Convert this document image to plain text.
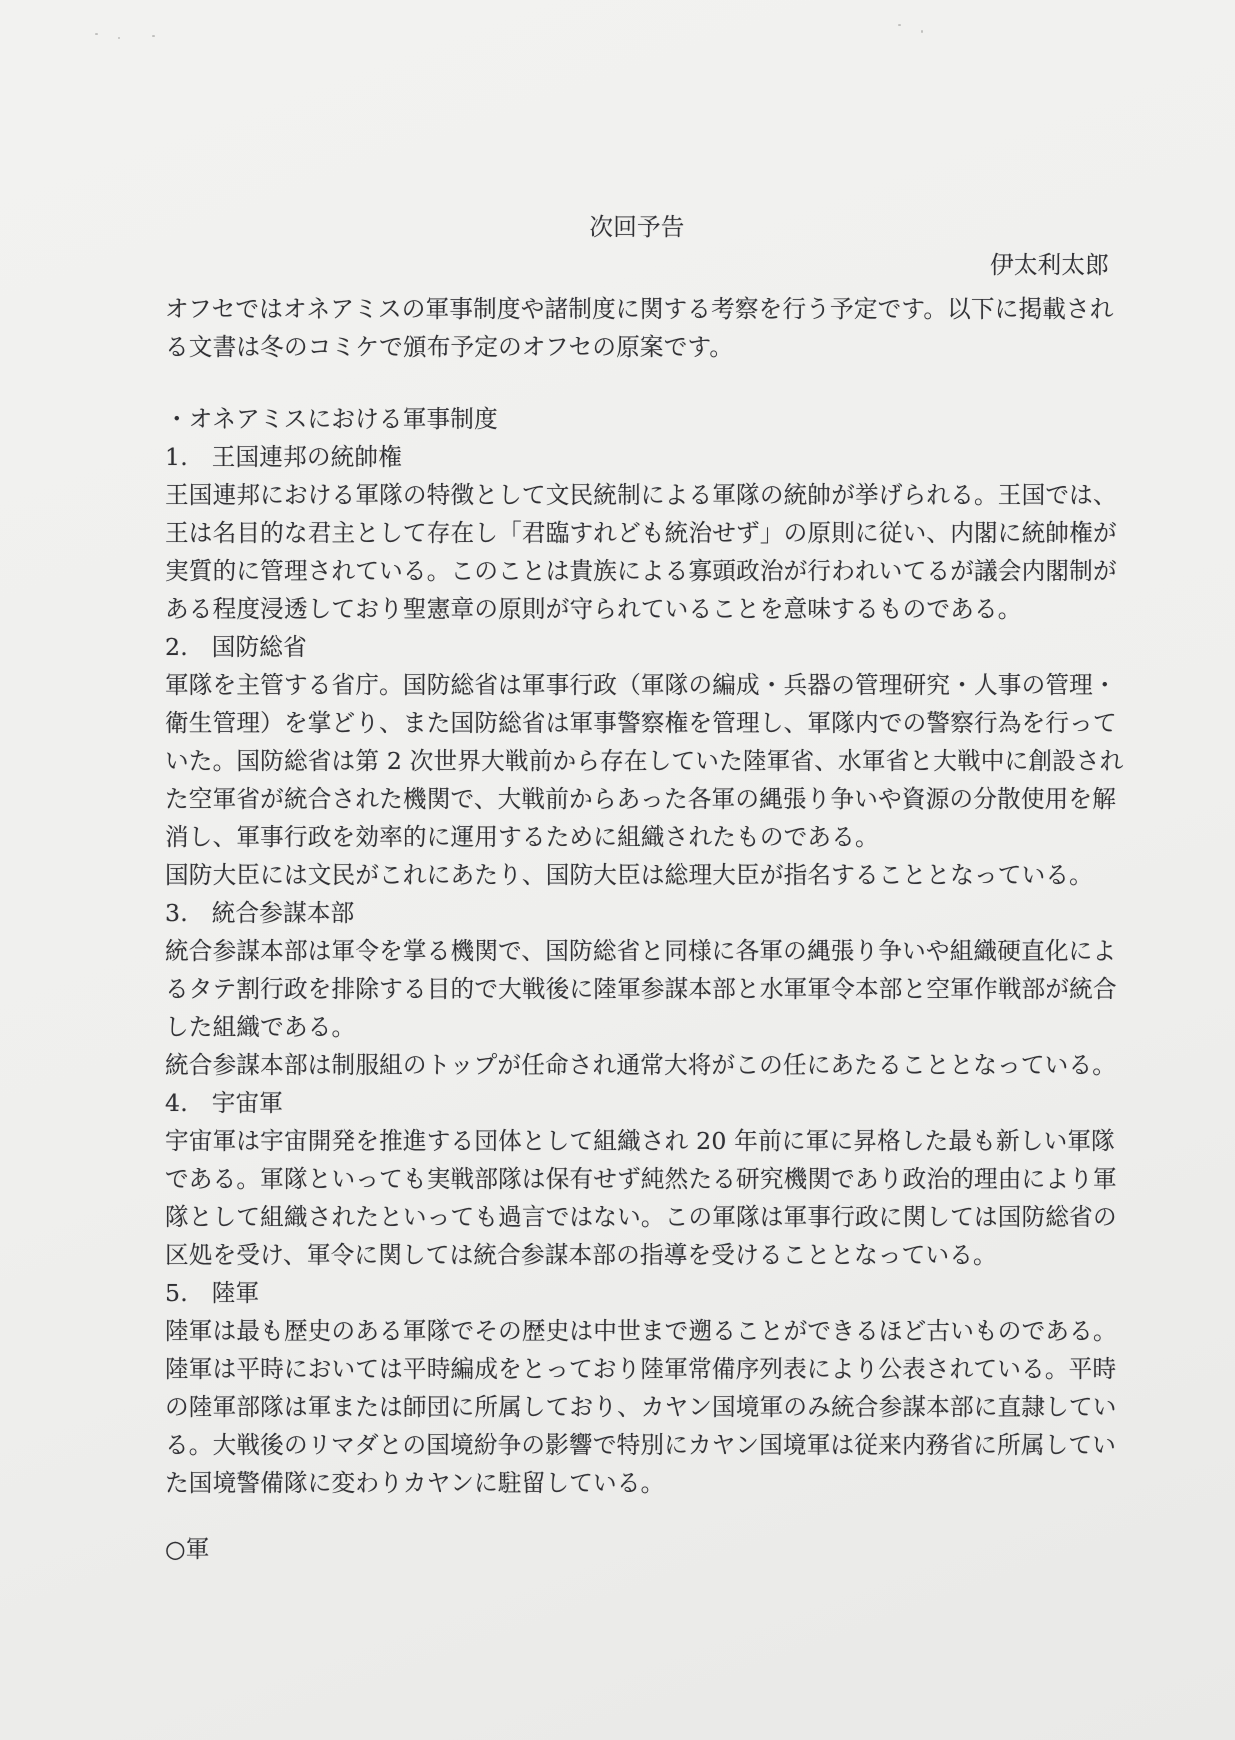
次回予告
伊太利太郎
オフセではオネアミスの軍事制度や諸制度に関する考察を行う予定です。以下に掲載され
る文書は冬のコミケで頒布予定のオフセの原案です。
・オネアミスにおける軍事制度
1.　王国連邦の統帥権
王国連邦における軍隊の特徴として文民統制による軍隊の統帥が挙げられる。王国では、
王は名目的な君主として存在し「君臨すれども統治せず」の原則に従い、内閣に統帥権が
実質的に管理されている。このことは貴族による寡頭政治が行われいてるが議会内閣制が
ある程度浸透しており聖憲章の原則が守られていることを意味するものである。
2.　国防総省
軍隊を主管する省庁。国防総省は軍事行政（軍隊の編成・兵器の管理研究・人事の管理・
衛生管理）を掌どり、また国防総省は軍事警察権を管理し、軍隊内での警察行為を行って
いた。国防総省は第 2 次世界大戦前から存在していた陸軍省、水軍省と大戦中に創設され
た空軍省が統合された機関で、大戦前からあった各軍の縄張り争いや資源の分散使用を解
消し、軍事行政を効率的に運用するために組織されたものである。
国防大臣には文民がこれにあたり、国防大臣は総理大臣が指名することとなっている。
3.　統合参謀本部
統合参謀本部は軍令を掌る機関で、国防総省と同様に各軍の縄張り争いや組織硬直化によ
るタテ割行政を排除する目的で大戦後に陸軍参謀本部と水軍軍令本部と空軍作戦部が統合
した組織である。
統合参謀本部は制服組のトップが任命され通常大将がこの任にあたることとなっている。
4.　宇宙軍
宇宙軍は宇宙開発を推進する団体として組織され 20 年前に軍に昇格した最も新しい軍隊
である。軍隊といっても実戦部隊は保有せず純然たる研究機関であり政治的理由により軍
隊として組織されたといっても過言ではない。この軍隊は軍事行政に関しては国防総省の
区処を受け、軍令に関しては統合参謀本部の指導を受けることとなっている。
5.　陸軍
陸軍は最も歴史のある軍隊でその歴史は中世まで遡ることができるほど古いものである。
陸軍は平時においては平時編成をとっており陸軍常備序列表により公表されている。平時
の陸軍部隊は軍または師団に所属しており、カヤン国境軍のみ統合参謀本部に直隷してい
る。大戦後のリマダとの国境紛争の影響で特別にカヤン国境軍は従来内務省に所属してい
た国境警備隊に変わりカヤンに駐留している。
○軍
